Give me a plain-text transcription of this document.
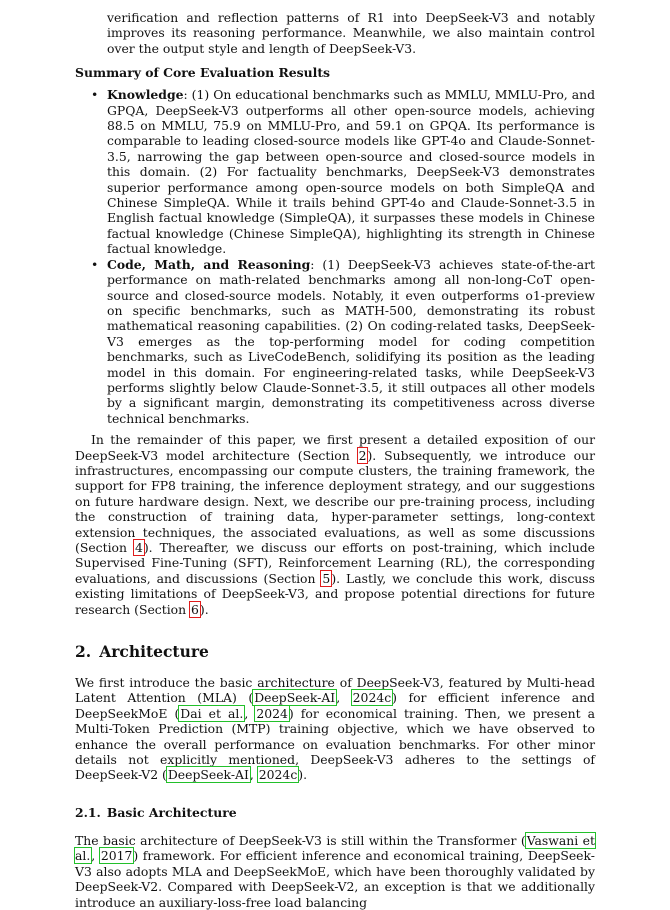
verification and reflection patterns of R1 into DeepSeek-V3 and notably improves its reasoning performance. Meanwhile, we also maintain control over the output style and length of DeepSeek-V3.

Summary of Core Evaluation Results
• Knowledge: (1) On educational benchmarks such as MMLU, MMLU-Pro, and GPQA, DeepSeek-V3 outperforms all other open-source models, achieving 88.5 on MMLU, 75.9 on MMLU-Pro, and 59.1 on GPQA. Its performance is comparable to leading closed-source models like GPT-4o and Claude-Sonnet-3.5, narrowing the gap between open-source and closed-source models in this domain. (2) For factuality benchmarks, DeepSeek-V3 demonstrates superior performance among open-source models on both SimpleQA and Chinese SimpleQA. While it trails behind GPT-4o and Claude-Sonnet-3.5 in English factual knowledge (SimpleQA), it surpasses these models in Chinese factual knowledge (Chinese SimpleQA), highlighting its strength in Chinese factual knowledge.

• Code, Math, and Reasoning: (1) DeepSeek-V3 achieves state-of-the-art performance on math-related benchmarks among all non-long-CoT open-source and closed-source models. Notably, it even outperforms o1-preview on specific benchmarks, such as MATH-500, demonstrating its robust mathematical reasoning capabilities. (2) On coding-related tasks, DeepSeek-V3 emerges as the top-performing model for coding competition benchmarks, such as LiveCodeBench, solidifying its position as the leading model in this domain. For engineering-related tasks, while DeepSeek-V3 performs slightly below Claude-Sonnet-3.5, it still outpaces all other models by a significant margin, demonstrating its competitiveness across diverse technical benchmarks.

In the remainder of this paper, we first present a detailed exposition of our DeepSeek-V3 model architecture (Section 2). Subsequently, we introduce our infrastructures, encompassing our compute clusters, the training framework, the support for FP8 training, the inference deployment strategy, and our suggestions on future hardware design. Next, we describe our pre-training process, including the construction of training data, hyper-parameter settings, long-context extension techniques, the associated evaluations, as well as some discussions (Section 4). Thereafter, we discuss our efforts on post-training, which include Supervised Fine-Tuning (SFT), Reinforcement Learning (RL), the corresponding evaluations, and discussions (Section 5). Lastly, we conclude this work, discuss existing limitations of DeepSeek-V3, and propose potential directions for future research (Section 6).

2. Architecture

We first introduce the basic architecture of DeepSeek-V3, featured by Multi-head Latent Attention (MLA) (DeepSeek-AI, 2024c) for efficient inference and DeepSeekMoE (Dai et al., 2024) for economical training. Then, we present a Multi-Token Prediction (MTP) training objective, which we have observed to enhance the overall performance on evaluation benchmarks. For other minor details not explicitly mentioned, DeepSeek-V3 adheres to the settings of DeepSeek-V2 (DeepSeek-AI, 2024c).

2.1. Basic Architecture

The basic architecture of DeepSeek-V3 is still within the Transformer (Vaswani et al., 2017) framework. For efficient inference and economical training, DeepSeek-V3 also adopts MLA and DeepSeekMoE, which have been thoroughly validated by DeepSeek-V2. Compared with DeepSeek-V2, an exception is that we additionally introduce an auxiliary-loss-free load balancing
